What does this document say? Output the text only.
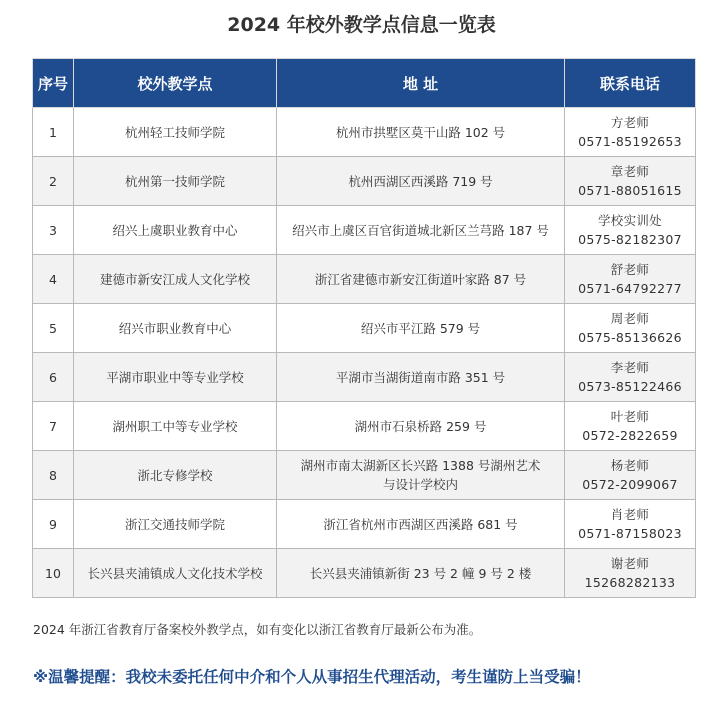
2024 年校外教学点信息一览表
序号	校外教学点	地 址	联系电话
1	杭州轻工技师学院	杭州市拱墅区莫干山路 102 号	方老师
0571-85192653

2	杭州第一技师学院	杭州西湖区西溪路 719 号	章老师
0571-88051615

3	绍兴上虞职业教育中心	绍兴市上虞区百官街道城北新区兰芎路 187 号	学校实训处
0575-82182307

4	建德市新安江成人文化学校	浙江省建德市新安江街道叶家路 87 号	舒老师
0571-64792277

5	绍兴市职业教育中心	绍兴市平江路 579 号	周老师
0575-85136626

6	平湖市职业中等专业学校	平湖市当湖街道南市路 351 号	李老师
0573-85122466

7	湖州职工中等专业学校	湖州市石泉桥路 259 号	叶老师
0572-2822659

8	浙北专修学校	湖州市南太湖新区长兴路 1388 号湖州艺术与设计学校内	杨老师
0572-2099067

9	浙江交通技师学院	浙江省杭州市西湖区西溪路 681 号	肖老师
0571-87158023

10	长兴县夹浦镇成人文化技术学校	长兴县夹浦镇新街 23 号 2 幢 9 号 2 楼	谢老师
15268282133
2024 年浙江省教育厅备案校外教学点，如有变化以浙江省教育厅最新公布为准。
※温馨提醒：我校未委托任何中介和个人从事招生代理活动，考生谨防上当受骗！
